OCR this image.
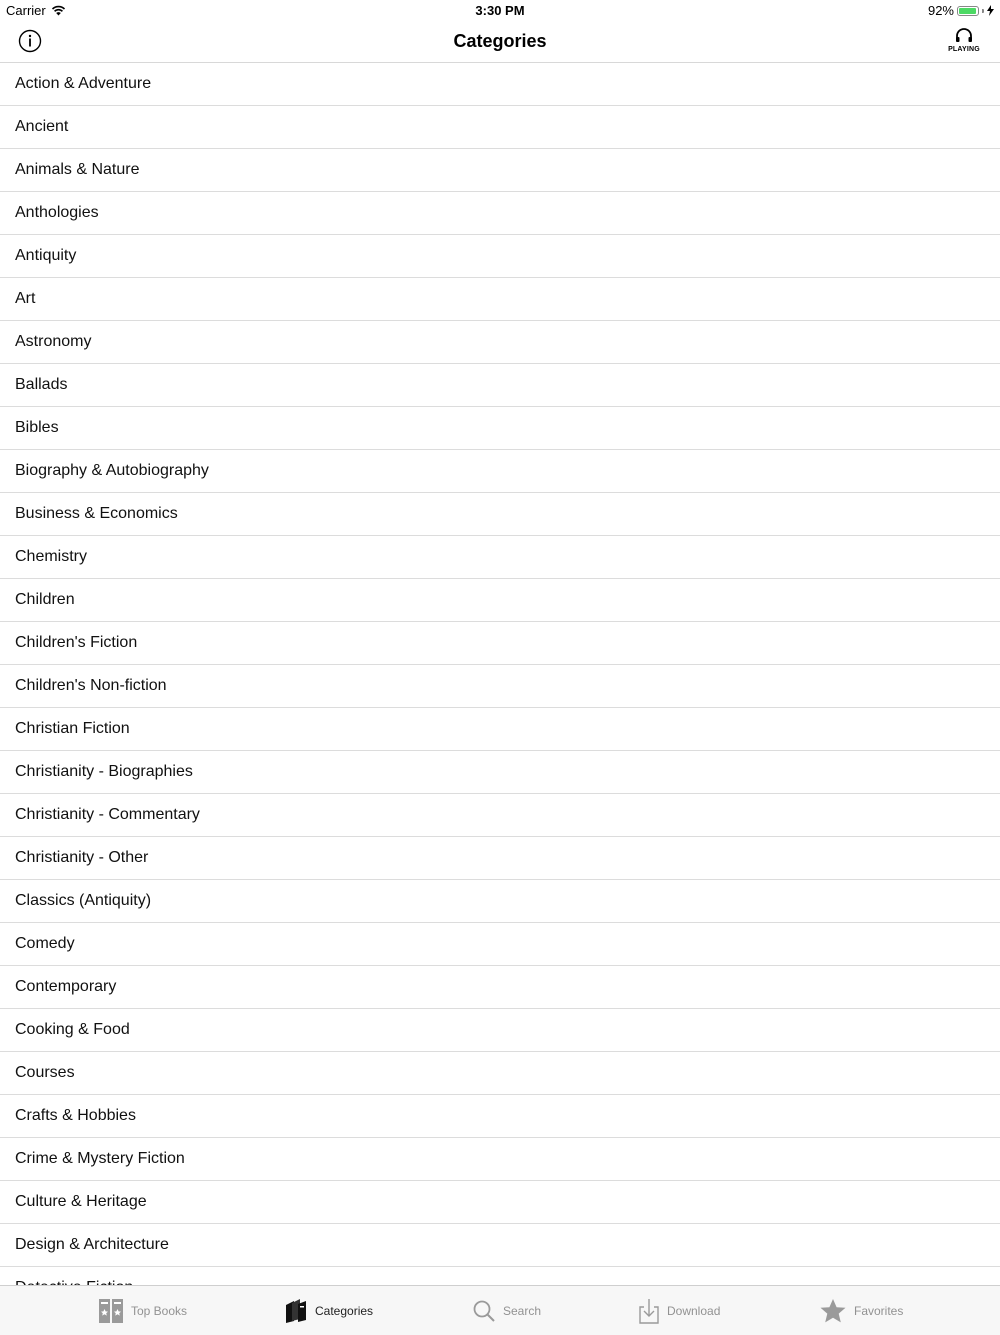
Carrier	3:30 PM	92%
Categories	PLAYING
Action & Adventure
Ancient
Animals & Nature
Anthologies
Antiquity
Art
Astronomy
Ballads
Bibles
Biography & Autobiography
Business & Economics
Chemistry
Children
Children's Fiction
Children's Non-fiction
Christian Fiction
Christianity - Biographies
Christianity - Commentary
Christianity - Other
Classics (Antiquity)
Comedy
Contemporary
Cooking & Food
Courses
Crafts & Hobbies
Crime & Mystery Fiction
Culture & Heritage
Design & Architecture
Top Books	Categories	Search	Download	Favorites
